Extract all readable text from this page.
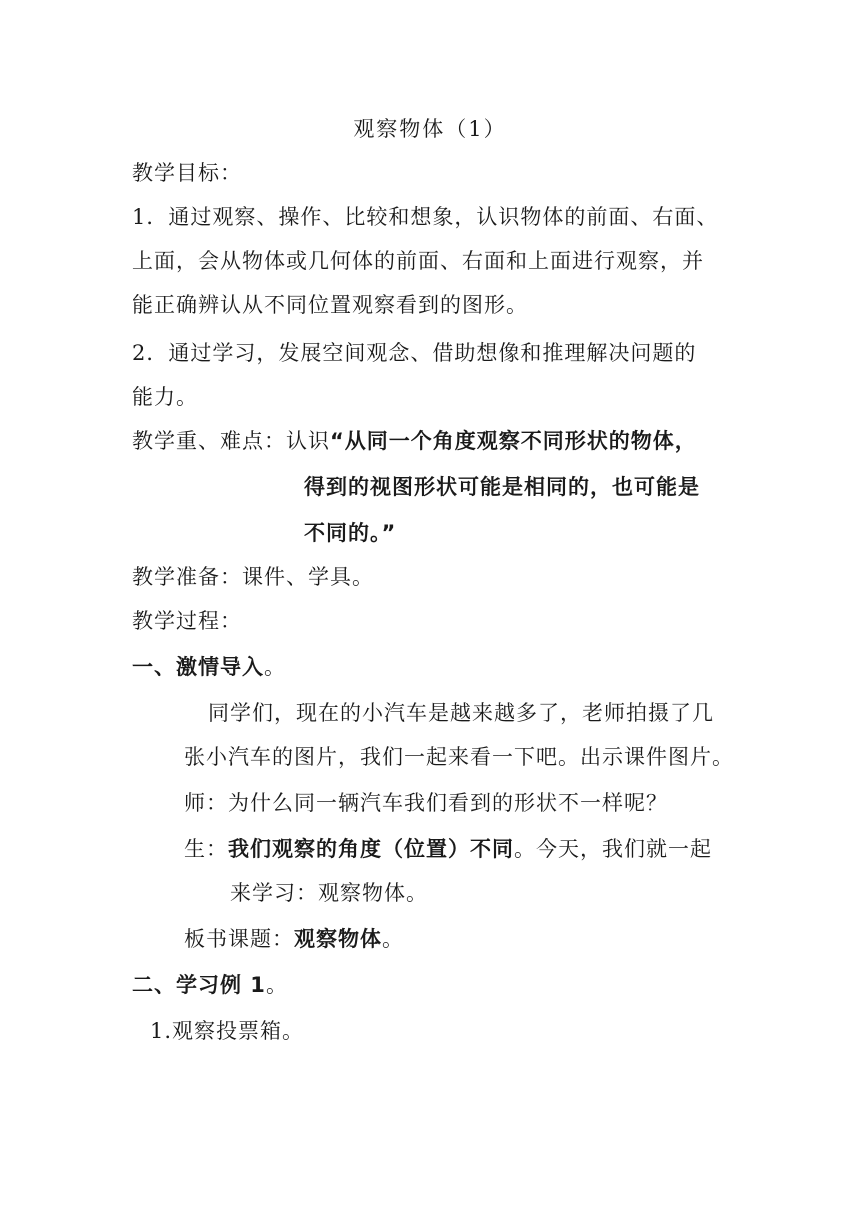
观察物体（1）
教学目标：
1．通过观察、操作、比较和想象，认识物体的前面、右面、
上面，会从物体或几何体的前面、右面和上面进行观察，并
能正确辨认从不同位置观察看到的图形。
2．通过学习，发展空间观念、借助想像和推理解决问题的
能力。
教学重、难点：认识“从同一个角度观察不同形状的物体，
得到的视图形状可能是相同的，也可能是
不同的。”
教学准备：课件、学具。
教学过程：
一、激情导入。
同学们，现在的小汽车是越来越多了，老师拍摄了几
张小汽车的图片，我们一起来看一下吧。出示课件图片。
师：为什么同一辆汽车我们看到的形状不一样呢？
生：我们观察的角度（位置）不同。今天，我们就一起
来学习：观察物体。
板书课题：观察物体。
二、学习例 1。
1.观察投票箱。
